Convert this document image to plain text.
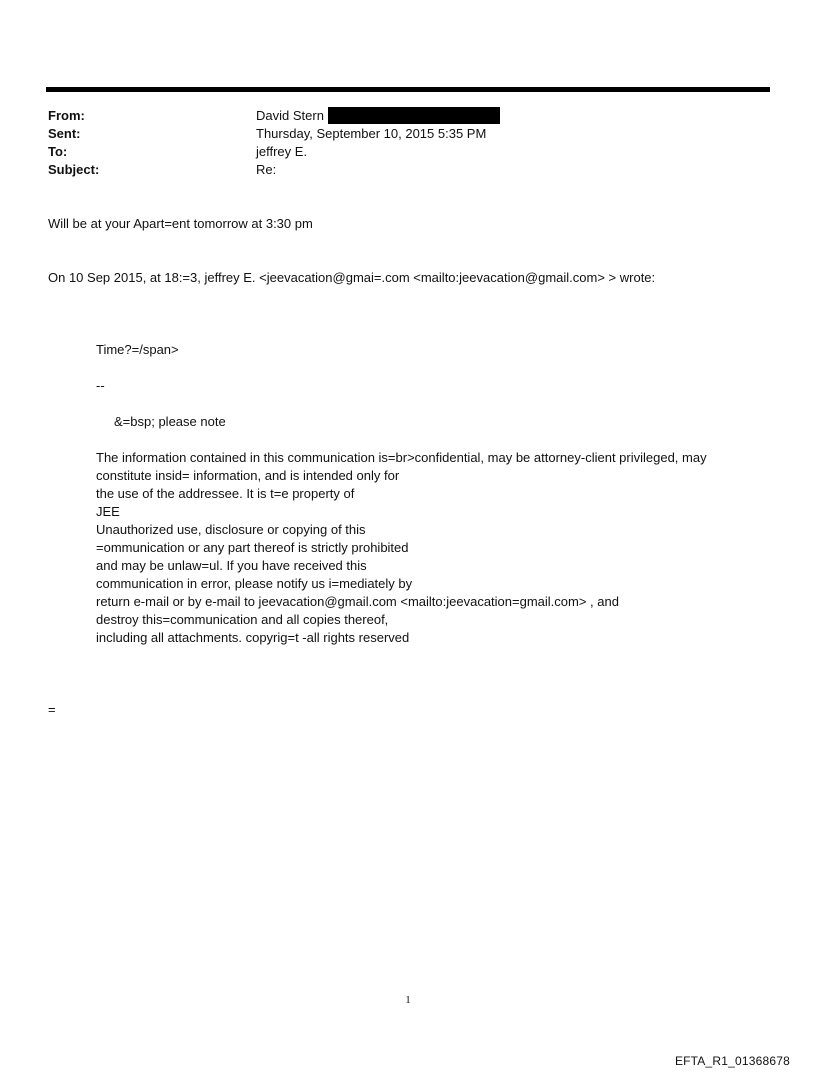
From:	David Stern
Sent:	Thursday, September 10, 2015 5:35 PM
To:	jeffrey E.
Subject:	Re:
Will be at your Apart=ent tomorrow at 3:30 pm
On 10 Sep 2015, at 18:=3, jeffrey E. <jeevacation@gmai=.com <mailto:jeevacation@gmail.com> > wrote:
Time?=/span>
--
&=bsp; please note
The information contained in this communication is=br>confidential, may be attorney-client privileged, may
constitute insid= information, and is intended only for
the use of the addressee. It is t=e property of
JEE
Unauthorized use, disclosure or copying of this
=ommunication or any part thereof is strictly prohibited
and may be unlaw=ul. If you have received this
communication in error, please notify us i=mediately by
return e-mail or by e-mail to jeevacation@gmail.com <mailto:jeevacation=gmail.com> , and
destroy this=communication and all copies thereof,
including all attachments. copyrig=t -all rights reserved
=
1
EFTA_R1_01368678
